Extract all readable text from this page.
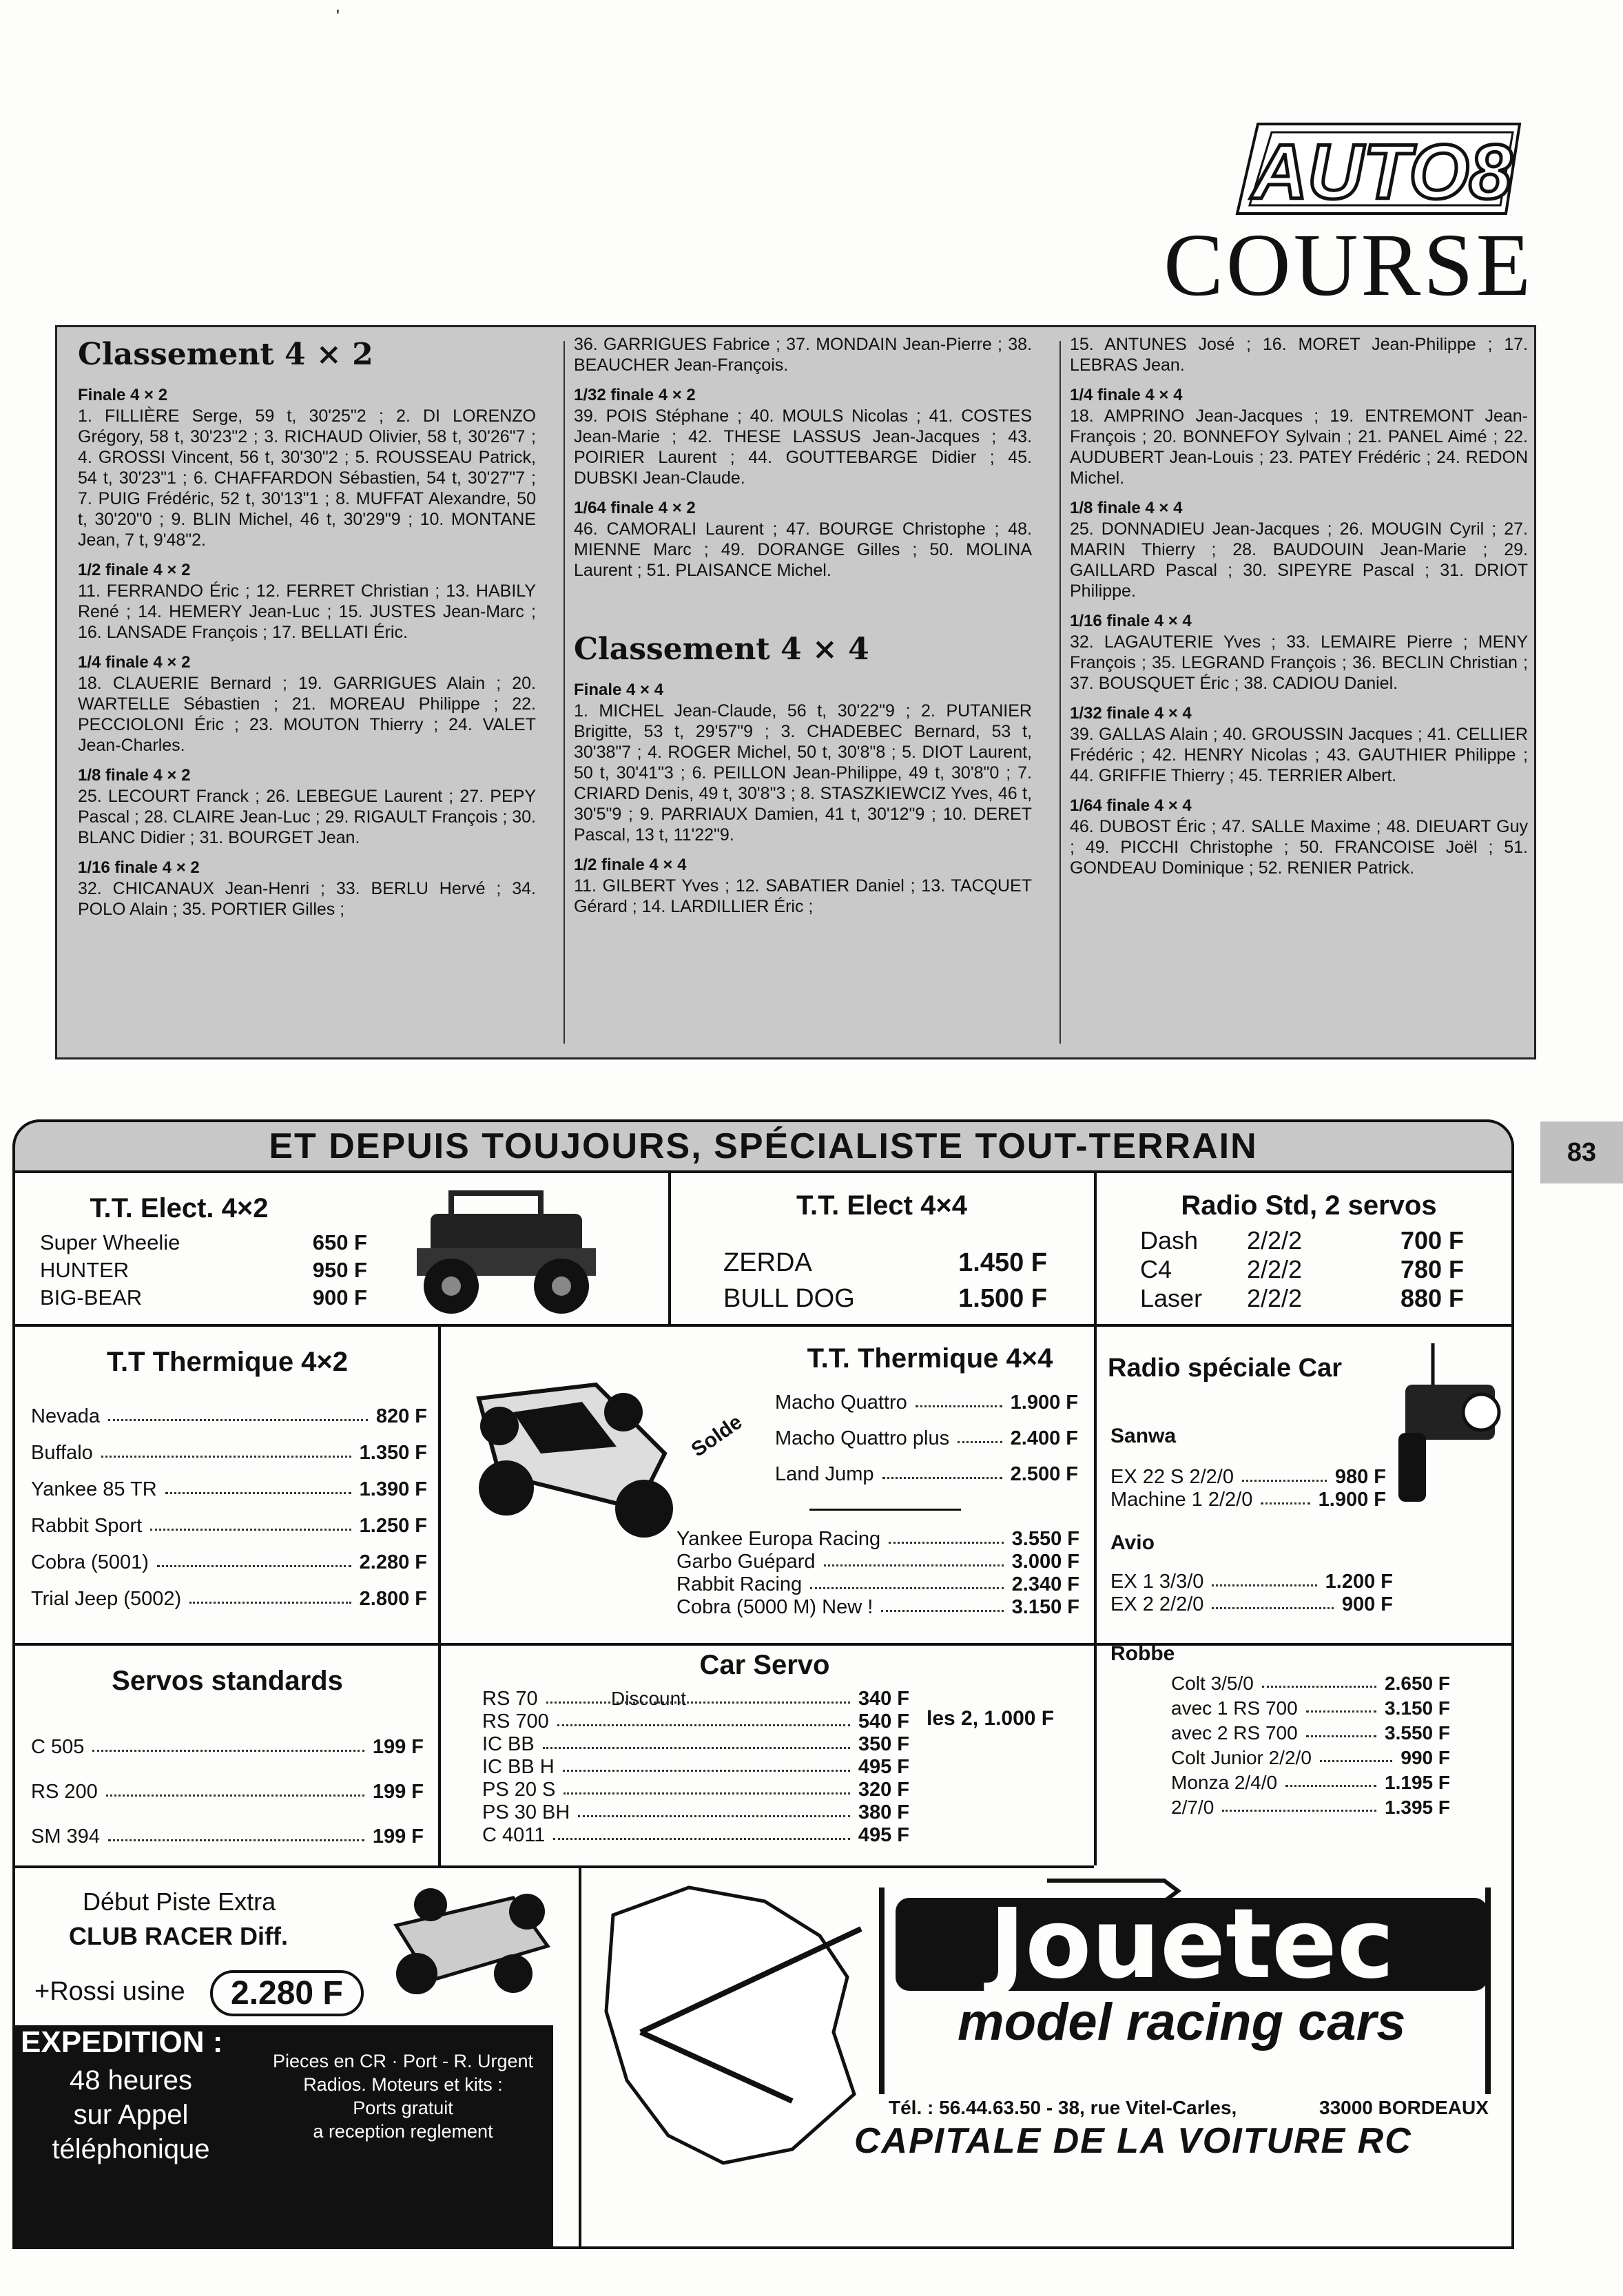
'
AUTO8
COURSE
Classement 4 × 2
Finale 4 × 2
1. FILLIÈRE Serge, 59 t, 30'25"2 ; 2. DI LORENZO Grégory, 58 t, 30'23"2 ; 3. RICHAUD Olivier, 58 t, 30'26"7 ; 4. GROSSI Vincent, 56 t, 30'30"2 ; 5. ROUSSEAU Patrick, 54 t, 30'23"1 ; 6. CHAFFARDON Sébastien, 54 t, 30'27"7 ; 7. PUIG Frédéric, 52 t, 30'13"1 ; 8. MUFFAT Alexandre, 50 t, 30'20"0 ; 9. BLIN Michel, 46 t, 30'29"9 ; 10. MONTANE Jean, 7 t, 9'48"2.
1/2 finale 4 × 2
11. FERRANDO Éric ; 12. FERRET Christian ; 13. HABILY René ; 14. HEMERY Jean-Luc ; 15. JUSTES Jean-Marc ; 16. LANSADE François ; 17. BELLATI Éric.
1/4 finale 4 × 2
18. CLAUERIE Bernard ; 19. GARRIGUES Alain ; 20. WARTELLE Sébastien ; 21. MOREAU Philippe ; 22. PECCIOLONI Éric ; 23. MOUTON Thierry ; 24. VALET Jean-Charles.
1/8 finale 4 × 2
25. LECOURT Franck ; 26. LEBEGUE Laurent ; 27. PEPY Pascal ; 28. CLAIRE Jean-Luc ; 29. RIGAULT François ; 30. BLANC Didier ; 31. BOURGET Jean.
1/16 finale 4 × 2
32. CHICANAUX Jean-Henri ; 33. BERLU Hervé ; 34. POLO Alain ; 35. PORTIER Gilles ;
36. GARRIGUES Fabrice ; 37. MONDAIN Jean-Pierre ; 38. BEAUCHER Jean-François.
1/32 finale 4 × 2
39. POIS Stéphane ; 40. MOULS Nicolas ; 41. COSTES Jean-Marie ; 42. THESE LASSUS Jean-Jacques ; 43. POIRIER Laurent ; 44. GOUTTEBARGE Didier ; 45. DUBSKI Jean-Claude.
1/64 finale 4 × 2
46. CAMORALI Laurent ; 47. BOURGE Christophe ; 48. MIENNE Marc ; 49. DORANGE Gilles ; 50. MOLINA Laurent ; 51. PLAISANCE Michel.
Classement 4 × 4
Finale 4 × 4
1. MICHEL Jean-Claude, 56 t, 30'22"9 ; 2. PUTANIER Brigitte, 53 t, 29'57"9 ; 3. CHADEBEC Bernard, 53 t, 30'38"7 ; 4. ROGER Michel, 50 t, 30'8"8 ; 5. DIOT Laurent, 50 t, 30'41"3 ; 6. PEILLON Jean-Philippe, 49 t, 30'8"0 ; 7. CRIARD Denis, 49 t, 30'8"3 ; 8. STASZKIEWCIZ Yves, 46 t, 30'5"9 ; 9. PARRIAUX Damien, 41 t, 30'12"9 ; 10. DERET Pascal, 13 t, 11'22"9.
1/2 finale 4 × 4
11. GILBERT Yves ; 12. SABATIER Daniel ; 13. TACQUET Gérard ; 14. LARDILLIER Éric ;
15. ANTUNES José ; 16. MORET Jean-Philippe ; 17. LEBRAS Jean.
1/4 finale 4 × 4
18. AMPRINO Jean-Jacques ; 19. ENTREMONT Jean-François ; 20. BONNEFOY Sylvain ; 21. PANEL Aimé ; 22. AUDUBERT Jean-Louis ; 23. PATEY Frédéric ; 24. REDON Michel.
1/8 finale 4 × 4
25. DONNADIEU Jean-Jacques ; 26. MOUGIN Cyril ; 27. MARIN Thierry ; 28. BAUDOUIN Jean-Marie ; 29. GAILLARD Pascal ; 30. SIPEYRE Pascal ; 31. DRIOT Philippe.
1/16 finale 4 × 4
32. LAGAUTERIE Yves ; 33. LEMAIRE Pierre ; MENY François ; 35. LEGRAND François ; 36. BECLIN Christian ; 37. BOUSQUET Éric ; 38. CADIOU Daniel.
1/32 finale 4 × 4
39. GALLAS Alain ; 40. GROUSSIN Jacques ; 41. CELLIER Frédéric ; 42. HENRY Nicolas ; 43. GAUTHIER Philippe ; 44. GRIFFIE Thierry ; 45. TERRIER Albert.
1/64 finale 4 × 4
46. DUBOST Éric ; 47. SALLE Maxime ; 48. DIEUART Guy ; 49. PICCHI Christophe ; 50. FRANCOISE Joël ; 51. GONDEAU Dominique ; 52. RENIER Patrick.
83
ET DEPUIS TOUJOURS, SPÉCIALISTE TOUT-TERRAIN
T.T. Elect. 4×2
Super Wheelie	650 F
HUNTER	950 F
BIG-BEAR	900 F
T.T. Elect 4×4
ZERDA	1.450 F
BULL DOG	1.500 F
Radio Std, 2 servos
Dash 2/2/2	700 F
C4	2/2/2	780 F
Laser 2/2/2	880 F
T.T Thermique 4×2
Nevada	820 F
Buffalo	1.350 F
Yankee 85 TR	1.390 F
Rabbit Sport	1.250 F
Cobra (5001)	2.280 F
Trial Jeep (5002)	2.800 F
T.T. Thermique 4×4
Solde
Macho Quattro	1.900 F
Macho Quattro plus	2.400 F
Land Jump	2.500 F
Yankee Europa Racing	3.550 F
Garbo Guépard	3.000 F
Rabbit Racing	2.340 F
Cobra (5000 M) New !	3.150 F
Radio spéciale Car
Sanwa
EX 22 S 2/2/0	980 F
Machine 1 2/2/0	1.900 F
Avio
EX 1 3/3/0	1.200 F
EX 2 2/2/0	900 F
Robbe
Colt 3/5/0	2.650 F
avec 1 RS 700	3.150 F
avec 2 RS 700	3.550 F
Colt Junior 2/2/0	990 F
Monza 2/4/0	1.195 F
2/7/0	1.395 F
Servos standards
C 505	199 F
RS 200	199 F
SM 394	199 F
Car Servo
Discount
les 2, 1.000 F
RS 70	340 F
RS 700	540 F
IC BB	350 F
IC BB H	495 F
PS 20 S	320 F
PS 30 BH	380 F
C 4011	495 F
Début Piste Extra
CLUB RACER Diff.
+Rossi usine	2.280 F
EXPEDITION :
48 heures
sur Appel
téléphonique
Pieces en CR · Port - R. Urgent
Radios. Moteurs et kits :
Ports gratuit
a reception reglement
Jouetec
model racing cars
Tél. : 56.44.63.50 - 38, rue Vitel-Carles,	33000 BORDEAUX
CAPITALE DE LA VOITURE RC
